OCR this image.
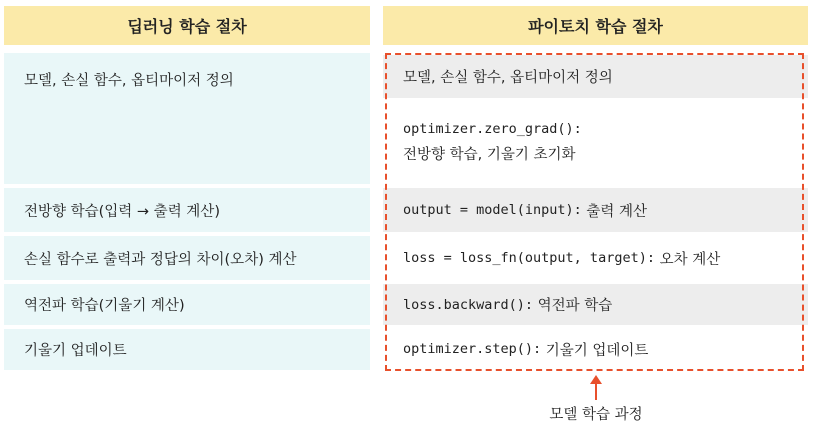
딥러닝 학습 절차	파이토치 학습 절차
모델, 손실 함수, 옵티마이저 정의
전방향 학습(입력 → 출력 계산)
손실 함수로 출력과 정답의 차이(오차) 계산
역전파 학습(기울기 계산)
기울기 업데이트
모델, 손실 함수, 옵티마이저 정의
optimizer.zero_grad():
전방향 학습, 기울기 초기화
output = model(input): 출력 계산
loss = loss_fn(output, target): 오차 계산
loss.backward(): 역전파 학습
optimizer.step(): 기울기 업데이트
모델 학습 과정
